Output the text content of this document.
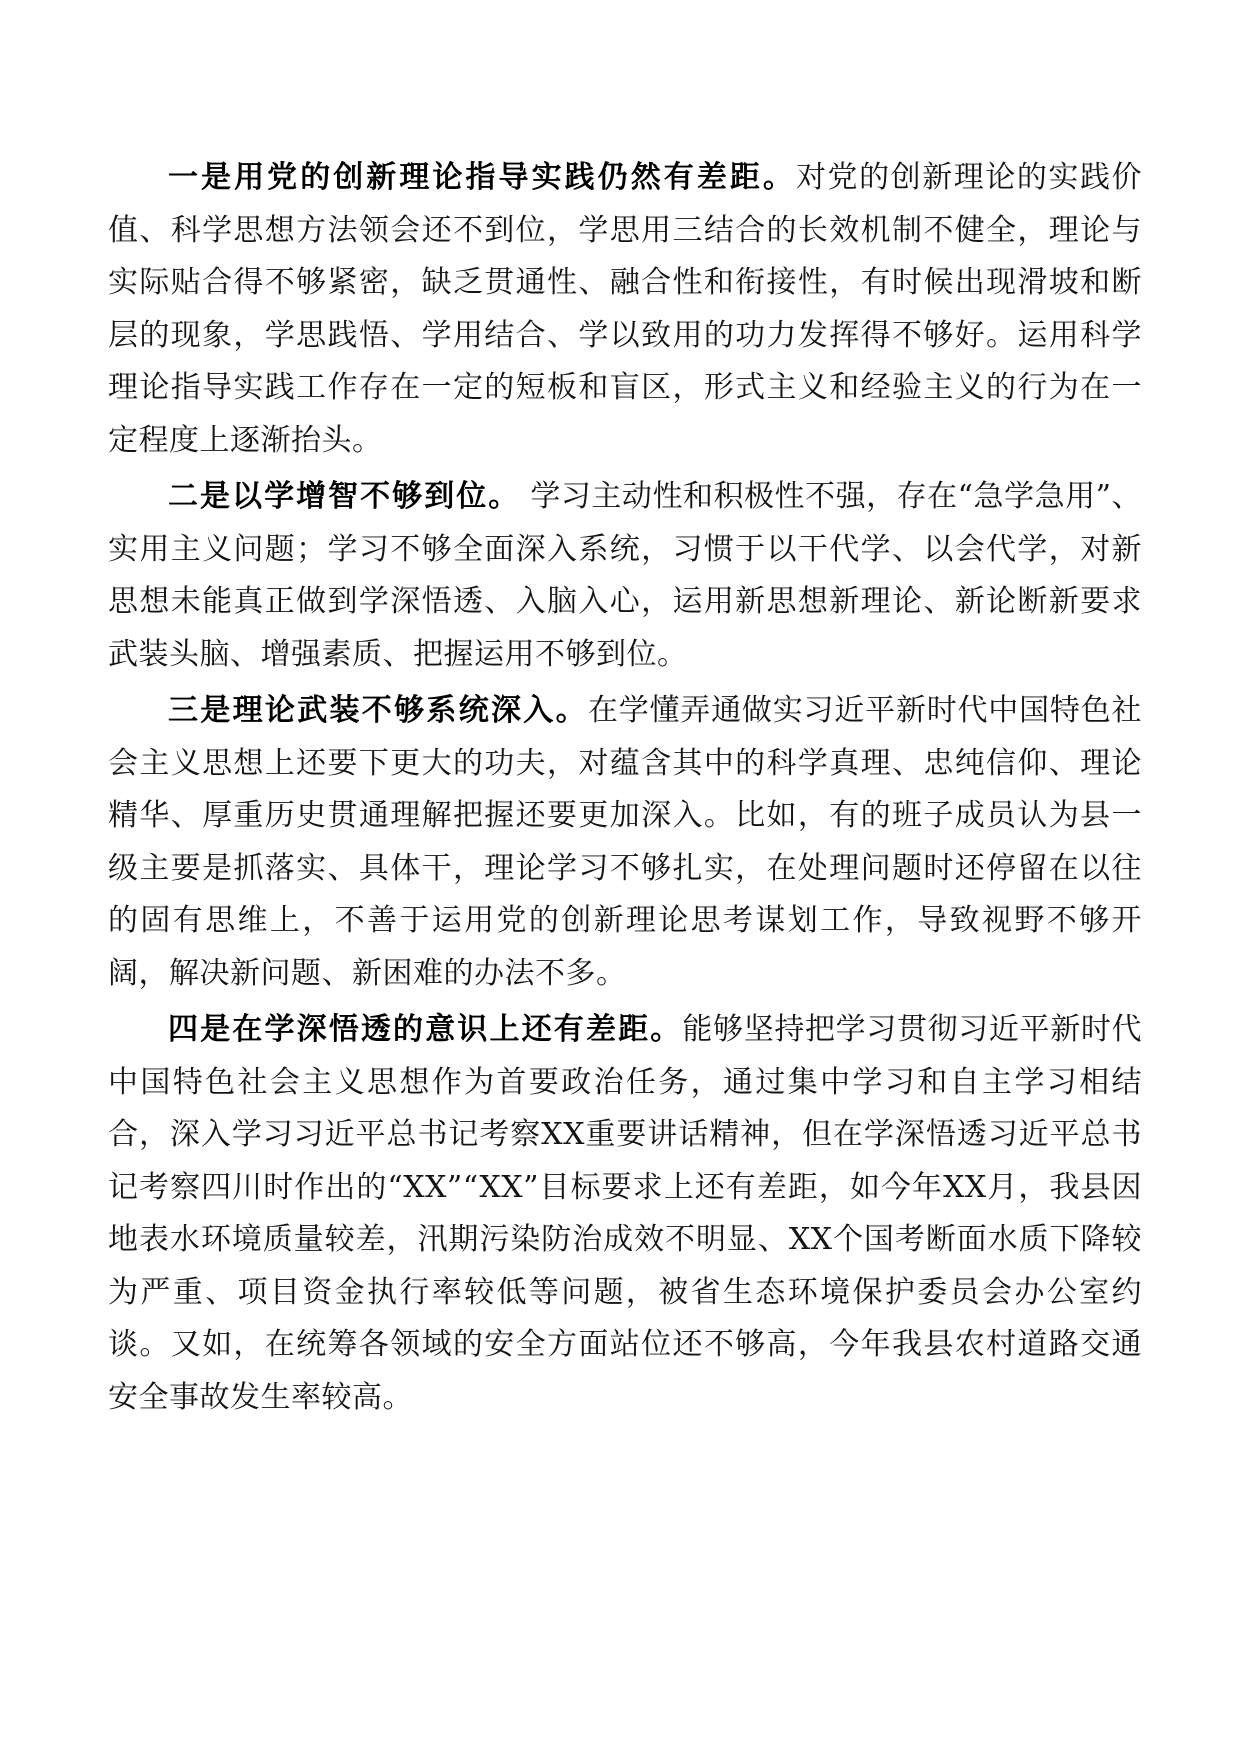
一是用党的创新理论指导实践仍然有差距。对党的创新理论的实践价值、科学思想方法领会还不到位，学思用三结合的长效机制不健全，理论与实际贴合得不够紧密，缺乏贯通性、融合性和衔接性，有时候出现滑坡和断层的现象，学思践悟、学用结合、学以致用的功力发挥得不够好。运用科学理论指导实践工作存在一定的短板和盲区，形式主义和经验主义的行为在一定程度上逐渐抬头。

二是以学增智不够到位。 学习主动性和积极性不强，存在“急学急用”、实用主义问题；学习不够全面深入系统，习惯于以干代学、以会代学，对新思想未能真正做到学深悟透、入脑入心，运用新思想新理论、新论断新要求武装头脑、增强素质、把握运用不够到位。

三是理论武装不够系统深入。在学懂弄通做实习近平新时代中国特色社会主义思想上还要下更大的功夫，对蕴含其中的科学真理、忠纯信仰、理论精华、厚重历史贯通理解把握还要更加深入。比如，有的班子成员认为县一级主要是抓落实、具体干，理论学习不够扎实，在处理问题时还停留在以往的固有思维上，不善于运用党的创新理论思考谋划工作，导致视野不够开阔，解决新问题、新困难的办法不多。

四是在学深悟透的意识上还有差距。能够坚持把学习贯彻习近平新时代中国特色社会主义思想作为首要政治任务，通过集中学习和自主学习相结合，深入学习习近平总书记考察XX重要讲话精神，但在学深悟透习近平总书记考察四川时作出的“XX”“XX”目标要求上还有差距，如今年XX月，我县因地表水环境质量较差，汛期污染防治成效不明显、XX个国考断面水质下降较为严重、项目资金执行率较低等问题，被省生态环境保护委员会办公室约谈。又如，在统筹各领域的安全方面站位还不够高，今年我县农村道路交通安全事故发生率较高。
